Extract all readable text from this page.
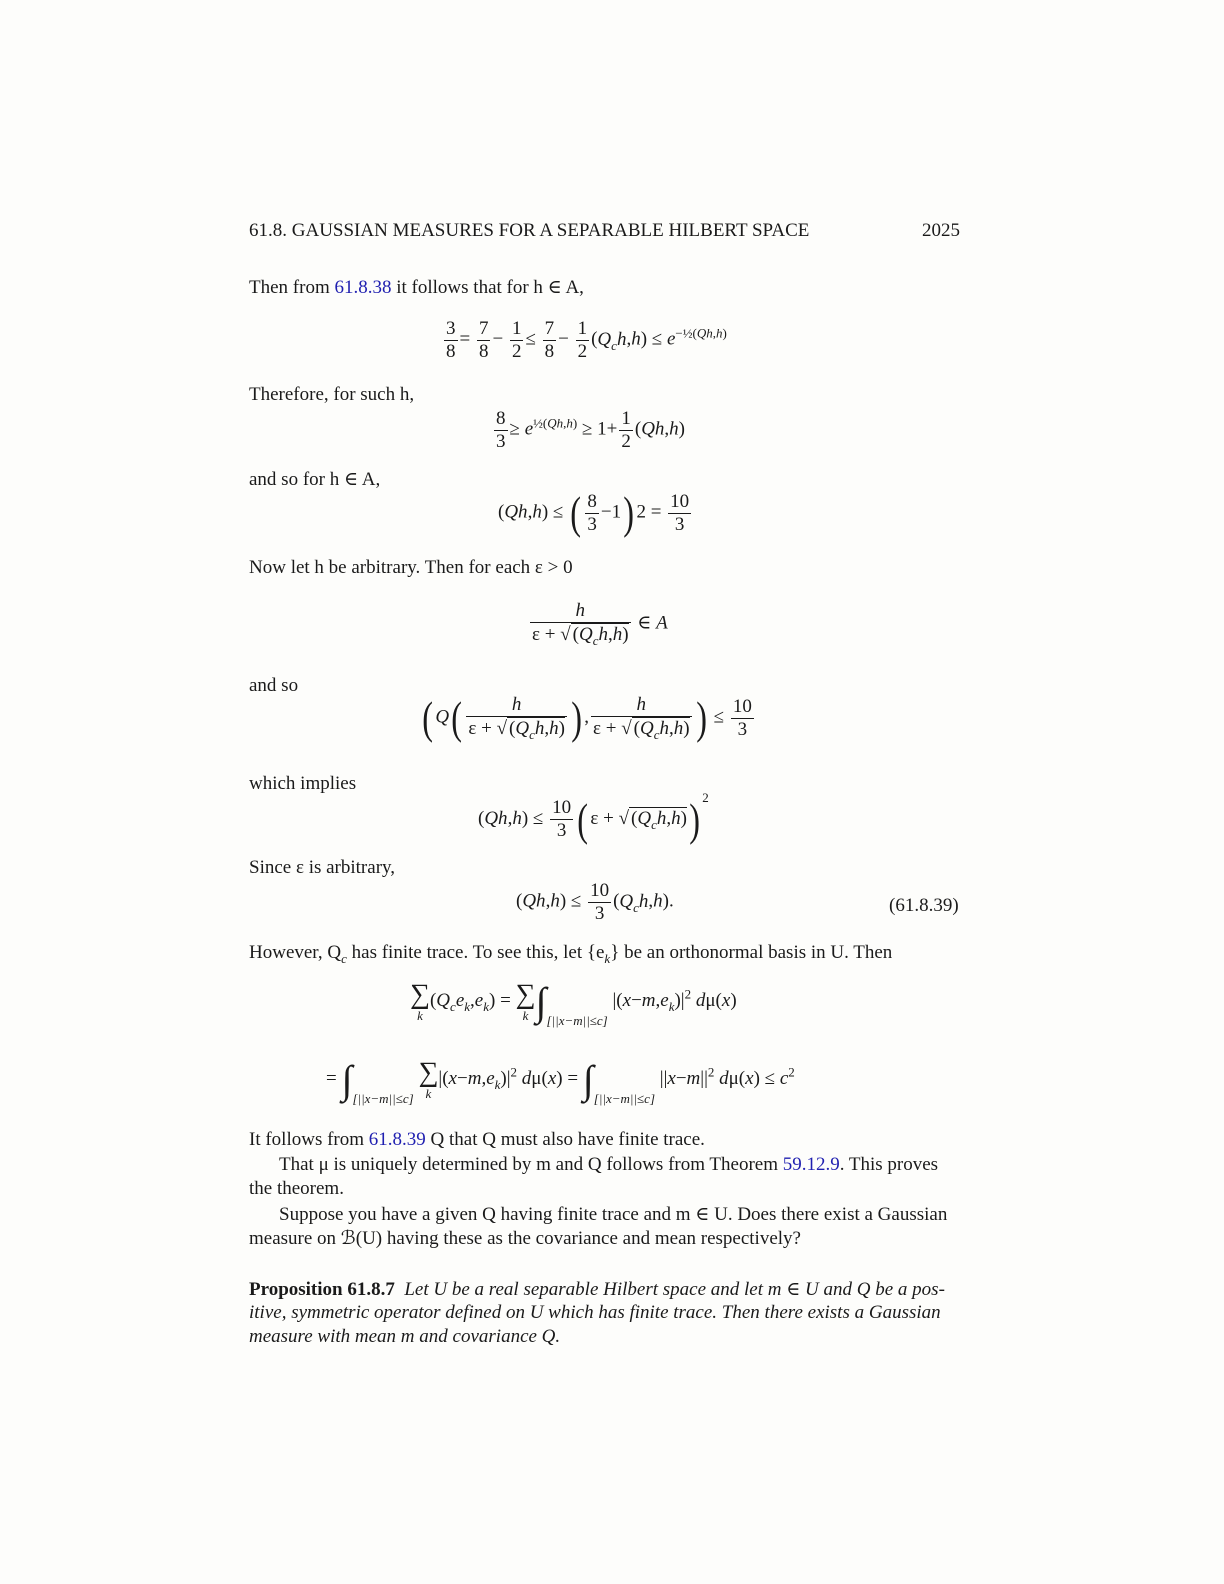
61.8. GAUSSIAN MEASURES FOR A SEPARABLE HILBERT SPACE	2025
Then from 61.8.38 it follows that for h ∈ A,
$\frac{3}{8} = \frac{7}{8} - \frac{1}{2} \le \frac{7}{8} - \frac{1}{2} (Q_ch,h) \le e^{-\frac{1}{2}(Qh,h)}$
Therefore, for such h,
$\frac{8}{3} \ge e^{\frac{1}{2}(Qh,h)} \ge 1+ \frac{1}{2} (Qh,h)$
and so for h ∈ A,
(Qh,h) ≤ ( $\frac{8}{3} -1$) $2 = \frac{10}{3}$
Now let h be arbitrary. Then for each ε > 0
$\frac{h}{\varepsilon + √ (Q_ch,h)}$ ∈ A
and so
( $Q( \frac{h}{\varepsilon + √ (Q_ch,h)}$ ) , $\frac{h}{\varepsilon + √ (Q_ch,h)}$ ) ≤ $\frac{10}{3}$
which implies
$(Qh,h) \le \frac{10}{3}$ ( ε + √ $(Q_ch,h)$) $^2$
Since ε is arbitrary,
$(Qh,h) \le \frac{10}{3} (Q_ch,h)$.	(61.8.39)
However, $Q_c$ has finite trace. To see this, let $\{e_k\}$ be an orthonormal basis in U. Then
∑
k
$(Q_ce_k,e_k)$ = ∑
k $\int_{[||x-m||\le c]}$ $|(x-m,e_k)|^2$ dμ(x)
= $\int_{[||x-m||\le c]}$
∑
k
$|(x-m,e_k)|^2$ $d\mu(x) = \int_{[||x-m||\le c]}$ $||x-m||^2$ $d\mu(x) \le c^2$
It follows from 61.8.39 Q that Q must also have finite trace.
That μ is uniquely determined by m and Q follows from Theorem 59.12.9. This proves
the theorem.
Suppose you have a given Q having finite trace and m ∈ U. Does there exist a Gaussian
measure on ℬ(U) having these as the covariance and mean respectively?
Proposition 61.8.7 Let U be a real separable Hilbert space and let m ∈ U and Q be a pos-
itive, symmetric operator defined on U which has finite trace. Then there exists a Gaussian
measure with mean m and covariance Q.
